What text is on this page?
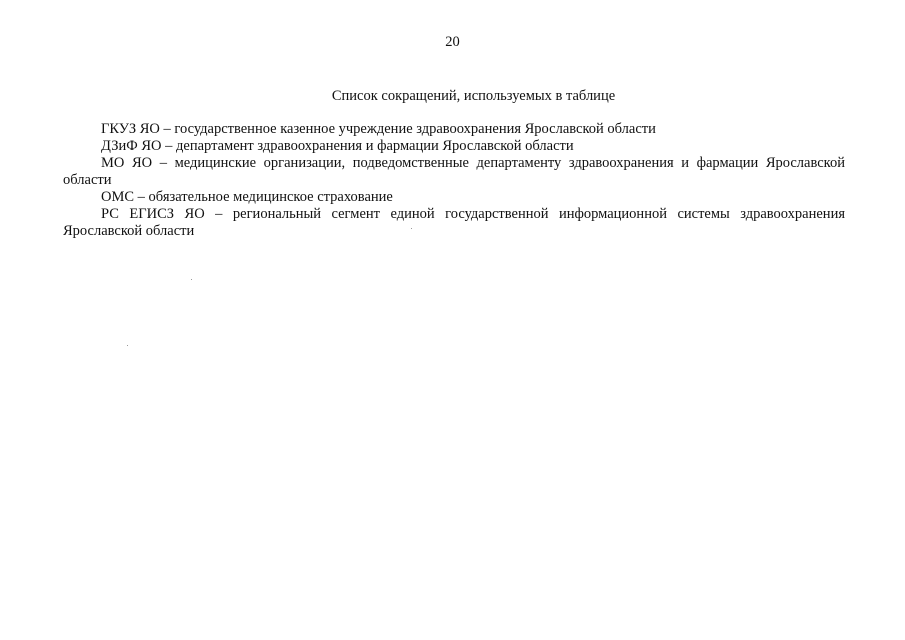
20
Список сокращений, используемых в таблице

ГКУЗ ЯО – государственное казенное учреждение здравоохранения Ярославской области

ДЗиФ ЯО – департамент здравоохранения и фармации Ярославской области

МО ЯО – медицинские организации, подведомственные департаменту здравоохранения и фармации Ярославской области

ОМС – обязательное медицинское страхование

РС ЕГИСЗ ЯО – региональный сегмент единой государственной информационной системы здравоохранения Ярославской области
